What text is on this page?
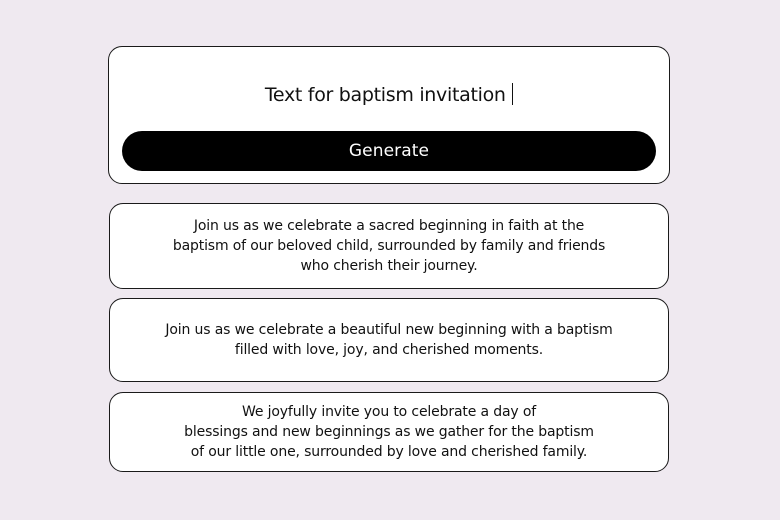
Text for baptism invitation
Generate
Join us as we celebrate a sacred beginning in faith at the
baptism of our beloved child, surrounded by family and friends
who cherish their journey.
Join us as we celebrate a beautiful new beginning with a baptism
filled with love, joy, and cherished moments.
We joyfully invite you to celebrate a day of
blessings and new beginnings as we gather for the baptism
of our little one, surrounded by love and cherished family.
